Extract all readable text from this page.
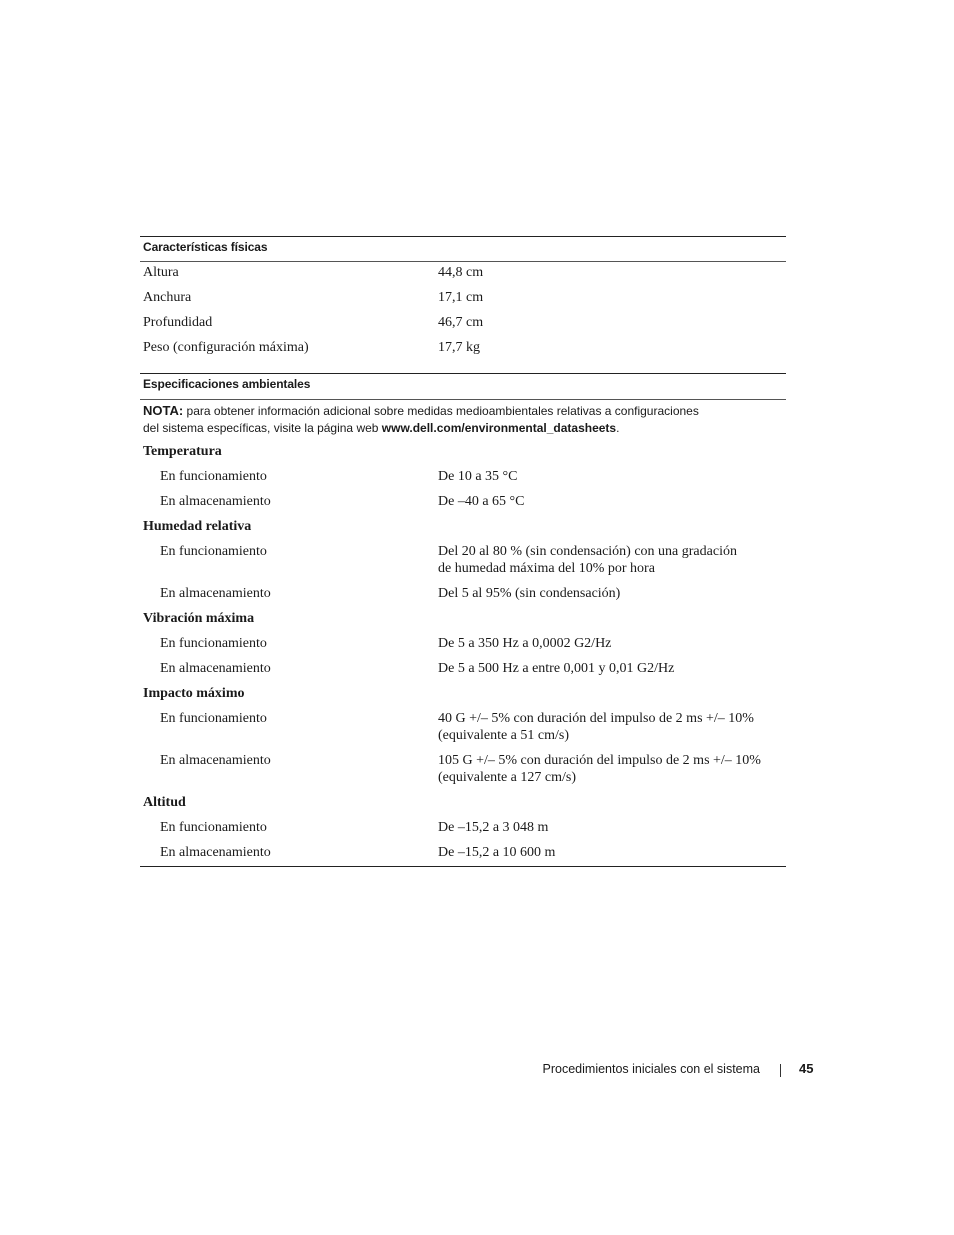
Características físicas
Altura	44,8 cm
Anchura	17,1 cm
Profundidad	46,7 cm
Peso (configuración máxima)	17,7 kg
Especificaciones ambientales
NOTA: para obtener información adicional sobre medidas medioambientales relativas a configuraciones
del sistema específicas, visite la página web www.dell.com/environmental_datasheets.
Temperatura
En funcionamiento	De 10 a 35 °C
En almacenamiento	De –40 a 65 °C
Humedad relativa
En funcionamiento	Del 20 al 80 % (sin condensación) con una gradación
de humedad máxima del 10% por hora
En almacenamiento	Del 5 al 95% (sin condensación)
Vibración máxima
En funcionamiento	De 5 a 350 Hz a 0,0002 G2/Hz
En almacenamiento	De 5 a 500 Hz a entre 0,001 y 0,01 G2/Hz
Impacto máximo
En funcionamiento	40 G +/– 5% con duración del impulso de 2 ms +/– 10%
(equivalente a 51 cm/s)
En almacenamiento	105 G +/– 5% con duración del impulso de 2 ms +/– 10%
(equivalente a 127 cm/s)
Altitud
En funcionamiento	De –15,2 a 3 048 m
En almacenamiento	De –15,2 a 10 600 m
Procedimientos iniciales con el sistema	45
